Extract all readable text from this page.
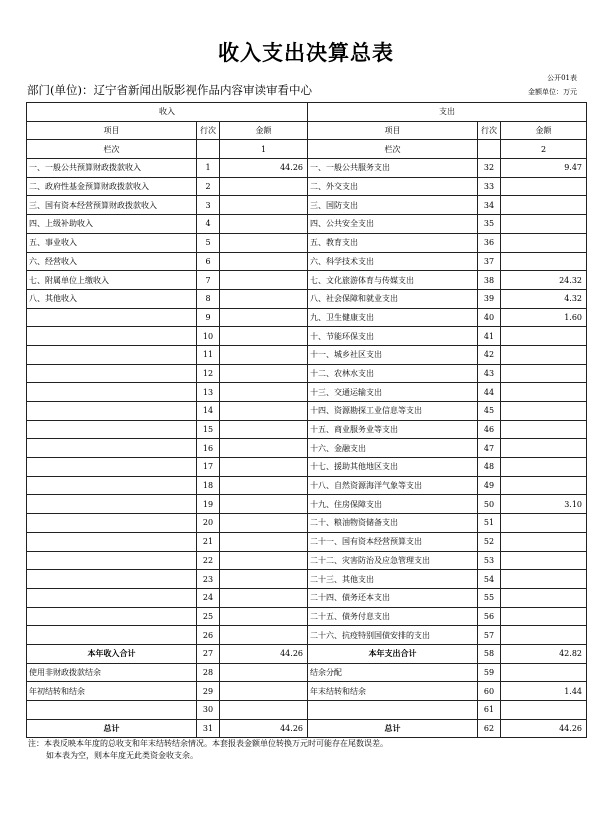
收入支出决算总表
公开01表
金额单位：万元
部门(单位)：辽宁省新闻出版影视作品内容审读审看中心
收入			支出		
项目	行次	金额	项目	行次	金额
栏次		1	栏次		2
一、一般公共预算财政拨款收入	1	44.26	一、一般公共服务支出	32	9.47
二、政府性基金预算财政拨款收入	2		二、外交支出	33	
三、国有资本经营预算财政拨款收入	3		三、国防支出	34	
四、上级补助收入	4		四、公共安全支出	35	
五、事业收入	5		五、教育支出	36	
六、经营收入	6		六、科学技术支出	37	
七、附属单位上缴收入	7		七、文化旅游体育与传媒支出	38	24.32
八、其他收入	8		八、社会保障和就业支出	39	4.32
	9		九、卫生健康支出	40	1.60
	10		十、节能环保支出	41	
	11		十一、城乡社区支出	42	
	12		十二、农林水支出	43	
	13		十三、交通运输支出	44	
	14		十四、资源勘探工业信息等支出	45	
	15		十五、商业服务业等支出	46	
	16		十六、金融支出	47	
	17		十七、援助其他地区支出	48	
	18		十八、自然资源海洋气象等支出	49	
	19		十九、住房保障支出	50	3.10
	20		二十、粮油物资储备支出	51	
	21		二十一、国有资本经营预算支出	52	
	22		二十二、灾害防治及应急管理支出	53	
	23		二十三、其他支出	54	
	24		二十四、债务还本支出	55	
	25		二十五、债务付息支出	56	
	26		二十六、抗疫特别国债安排的支出	57	
本年收入合计	27	44.26	本年支出合计	58	42.82
使用非财政拨款结余	28		结余分配	59	
年初结转和结余	29		年末结转和结余	60	1.44
	30			61	
总计	31	44.26	总计	62	44.26
注：本表反映本年度的总收支和年末结转结余情况。本套报表金额单位转换万元时可能存在尾数误差。
如本表为空，则本年度无此类资金收支余。
